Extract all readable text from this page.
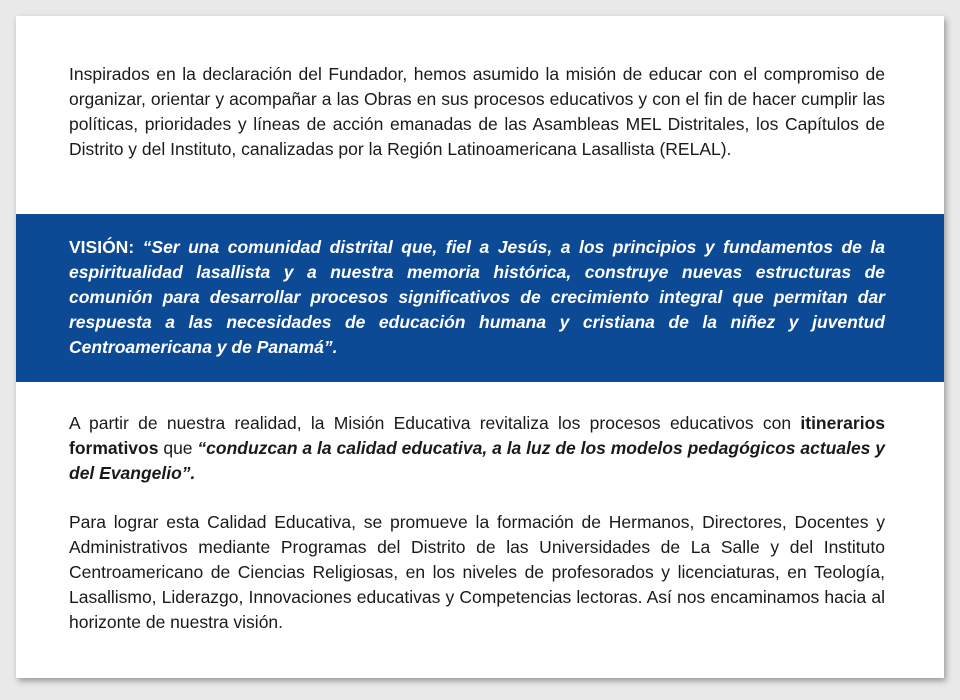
Inspirados en la declaración del Fundador, hemos asumido la misión de educar con el compromiso de organizar, orientar y acompañar a las Obras en sus procesos educativos y con el fin de hacer cumplir las políticas, prioridades y líneas de acción emanadas de las Asambleas MEL Distritales, los Capítulos de Distrito y del Instituto, canalizadas por la Región Latinoamericana Lasallista (RELAL).

VISIÓN: “Ser una comunidad distrital que, fiel a Jesús, a los principios y fundamentos de la espiritualidad lasallista y a nuestra memoria histórica, construye nuevas estructuras de comunión para desarrollar procesos significativos de crecimiento integral que permitan dar respuesta a las necesidades de educación humana y cristiana de la niñez y juventud Centroamericana y de Panamá”.

A partir de nuestra realidad, la Misión Educativa revitaliza los procesos educativos con itinerarios formativos que “conduzcan a la calidad educativa, a la luz de los modelos pedagógicos actuales y del Evangelio”.

Para lograr esta Calidad Educativa, se promueve la formación de Hermanos, Directores, Docentes y Administrativos mediante Programas del Distrito de las Universidades de La Salle y del Instituto Centroamericano de Ciencias Religiosas, en los niveles de profesorados y licenciaturas, en Teología, Lasallismo, Liderazgo, Innovaciones educativas y Competencias lectoras. Así nos encaminamos hacia al horizonte de nuestra visión.
